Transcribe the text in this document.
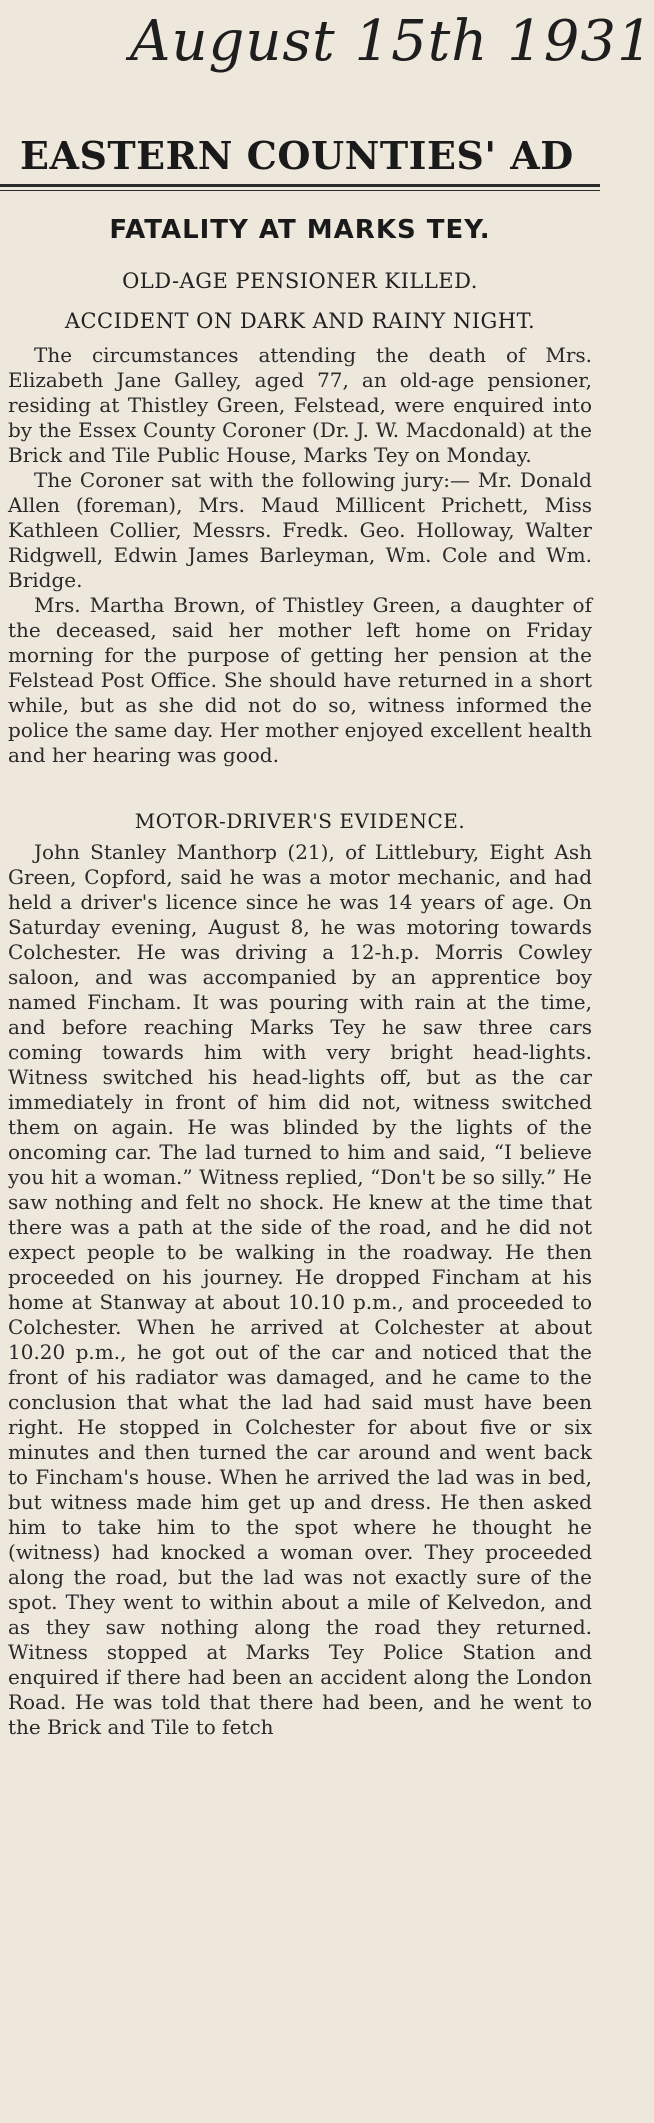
August 15th 1931
EASTERN COUNTIES' AD
FATALITY AT MARKS TEY.
OLD-AGE PENSIONER KILLED.
ACCIDENT ON DARK AND RAINY NIGHT.

The circumstances attending the death of Mrs. Elizabeth Jane Galley, aged 77, an old-age pensioner, residing at Thistley Green, Felstead, were enquired into by the Essex County Coroner (Dr. J. W. Macdonald) at the Brick and Tile Public House, Marks Tey on Monday.

The Coroner sat with the following jury:— Mr. Donald Allen (foreman), Mrs. Maud Millicent Prichett, Miss Kathleen Collier, Messrs. Fredk. Geo. Holloway, Walter Ridgwell, Edwin James Barleyman, Wm. Cole and Wm. Bridge.

Mrs. Martha Brown, of Thistley Green, a daughter of the deceased, said her mother left home on Friday morning for the purpose of getting her pension at the Felstead Post Office. She should have returned in a short while, but as she did not do so, witness informed the police the same day. Her mother enjoyed excellent health and her hearing was good.

MOTOR-DRIVER'S EVIDENCE.

John Stanley Manthorp (21), of Littlebury, Eight Ash Green, Copford, said he was a motor mechanic, and had held a driver's licence since he was 14 years of age. On Saturday evening, August 8, he was motoring towards Colchester. He was driving a 12-h.p. Morris Cowley saloon, and was accompanied by an apprentice boy named Fincham. It was pouring with rain at the time, and before reaching Marks Tey he saw three cars coming towards him with very bright head-lights. Witness switched his head-lights off, but as the car immediately in front of him did not, witness switched them on again. He was blinded by the lights of the oncoming car. The lad turned to him and said, “I believe you hit a woman.” Witness replied, “Don't be so silly.” He saw nothing and felt no shock. He knew at the time that there was a path at the side of the road, and he did not expect people to be walking in the roadway. He then proceeded on his journey. He dropped Fincham at his home at Stanway at about 10.10 p.m., and proceeded to Colchester. When he arrived at Colchester at about 10.20 p.m., he got out of the car and noticed that the front of his radiator was damaged, and he came to the conclusion that what the lad had said must have been right. He stopped in Colchester for about five or six minutes and then turned the car around and went back to Fincham's house. When he arrived the lad was in bed, but witness made him get up and dress. He then asked him to take him to the spot where he thought he (witness) had knocked a woman over. They proceeded along the road, but the lad was not exactly sure of the spot. They went to within about a mile of Kelvedon, and as they saw nothing along the road they returned. Witness stopped at Marks Tey Police Station and enquired if there had been an accident along the London Road. He was told that there had been, and he went to the Brick and Tile to fetch
